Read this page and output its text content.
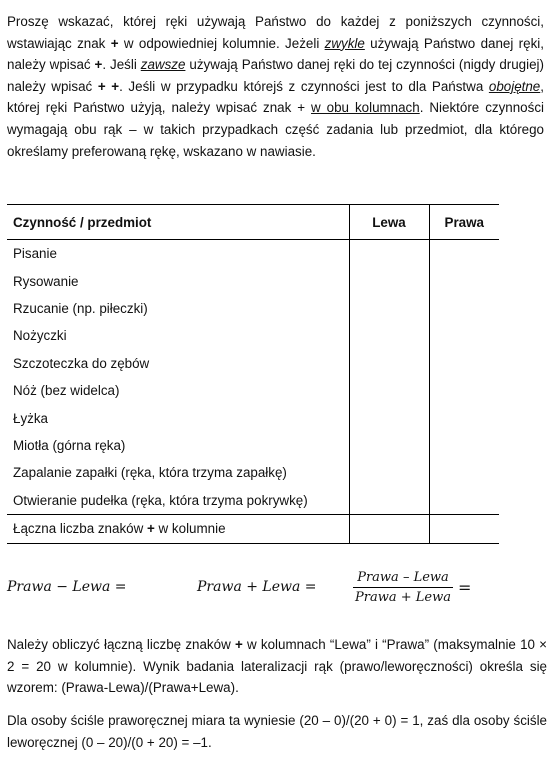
Proszę wskazać, której ręki używają Państwo do każdej z poniższych czynności, wstawiając znak + w odpowiedniej kolumnie. Jeżeli zwykle używają Państwo danej ręki, należy wpisać +. Jeśli zawsze używają Państwo danej ręki do tej czynności (nigdy drugiej) należy wpisać + +. Jeśli w przypadku którejś z czynności jest to dla Państwa obojętne, której ręki Państwo użyją, należy wpisać znak + w obu kolumnach. Niektóre czynności wymagają obu rąk – w takich przypadkach część zadania lub przedmiot, dla którego określamy preferowaną rękę, wskazano w nawiasie.

Czynność / przedmiot	Lewa	Prawa
Pisanie		
Rysowanie		
Rzucanie (np. piłeczki)		
Nożyczki		
Szczoteczka do zębów		
Nóż (bez widelca)		
Łyżka		
Miotła (górna ręka)		
Zapalanie zapałki (ręka, która trzyma zapałkę)		
Otwieranie pudełka (ręka, która trzyma pokrywkę)		
Łączna liczba znaków + w kolumnie		
Prawa − Lewa =	Prawa + Lewa =
Prawa – Lewa
Prawa + Lewa
=

Należy obliczyć łączną liczbę znaków + w kolumnach “Lewa” i “Prawa” (maksymalnie 10 × 2 = 20 w kolumnie). Wynik badania lateralizacji rąk (prawo/leworęczności) określa się wzorem: (Prawa-Lewa)/(Prawa+Lewa).

Dla osoby ściśle praworęcznej miara ta wyniesie (20 – 0)/(20 + 0) = 1, zaś dla osoby ściśle leworęcznej (0 – 20)/(0 + 20) = –1.
